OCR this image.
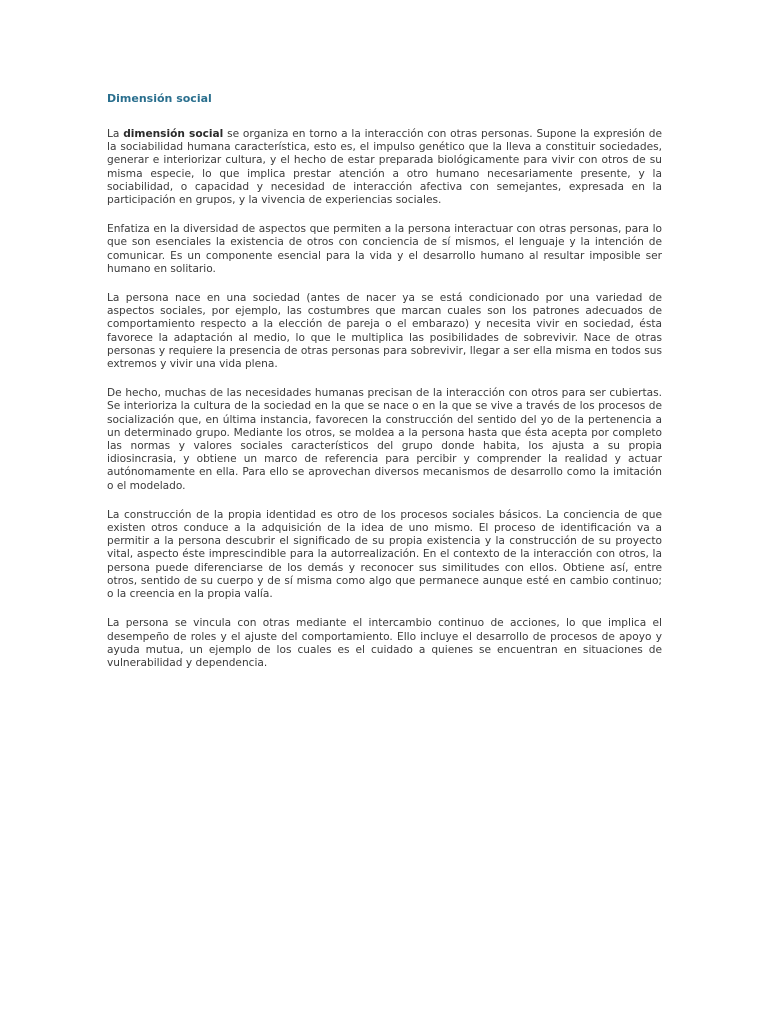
Dimensión social

La dimensión social se organiza en torno a la interacción con otras personas. Supone la expresión de la sociabilidad humana característica, esto es, el impulso genético que la lleva a constituir sociedades, generar e interiorizar cultura, y el hecho de estar preparada biológicamente para vivir con otros de su misma especie, lo que implica prestar atención a otro humano necesariamente presente, y la sociabilidad, o capacidad y necesidad de interacción afectiva con semejantes, expresada en la participación en grupos, y la vivencia de experiencias sociales.

Enfatiza en la diversidad de aspectos que permiten a la persona interactuar con otras personas, para lo que son esenciales la existencia de otros con conciencia de sí mismos, el lenguaje y la intención de comunicar. Es un componente esencial para la vida y el desarrollo humano al resultar imposible ser humano en solitario.

La persona nace en una sociedad (antes de nacer ya se está condicionado por una variedad de aspectos sociales, por ejemplo, las costumbres que marcan cuales son los patrones adecuados de comportamiento respecto a la elección de pareja o el embarazo) y necesita vivir en sociedad, ésta favorece la adaptación al medio, lo que le multiplica las posibilidades de sobrevivir. Nace de otras personas y requiere la presencia de otras personas para sobrevivir, llegar a ser ella misma en todos sus extremos y vivir una vida plena.

De hecho, muchas de las necesidades humanas precisan de la interacción con otros para ser cubiertas. Se interioriza la cultura de la sociedad en la que se nace o en la que se vive a través de los procesos de socialización que, en última instancia, favorecen la construcción del sentido del yo de la pertenencia a un determinado grupo. Mediante los otros, se moldea a la persona hasta que ésta acepta por completo las normas y valores sociales característicos del grupo donde habita, los ajusta a su propia idiosincrasia, y obtiene un marco de referencia para percibir y comprender la realidad y actuar autónomamente en ella. Para ello se aprovechan diversos mecanismos de desarrollo como la imitación o el modelado.

La construcción de la propia identidad es otro de los procesos sociales básicos. La conciencia de que existen otros conduce a la adquisición de la idea de uno mismo. El proceso de identificación va a permitir a la persona descubrir el significado de su propia existencia y la construcción de su proyecto vital, aspecto éste imprescindible para la autorrealización. En el contexto de la interacción con otros, la persona puede diferenciarse de los demás y reconocer sus similitudes con ellos. Obtiene así, entre otros, sentido de su cuerpo y de sí misma como algo que permanece aunque esté en cambio continuo; o la creencia en la propia valía.

La persona se vincula con otras mediante el intercambio continuo de acciones, lo que implica el desempeño de roles y el ajuste del comportamiento. Ello incluye el desarrollo de procesos de apoyo y ayuda mutua, un ejemplo de los cuales es el cuidado a quienes se encuentran en situaciones de vulnerabilidad y dependencia.
